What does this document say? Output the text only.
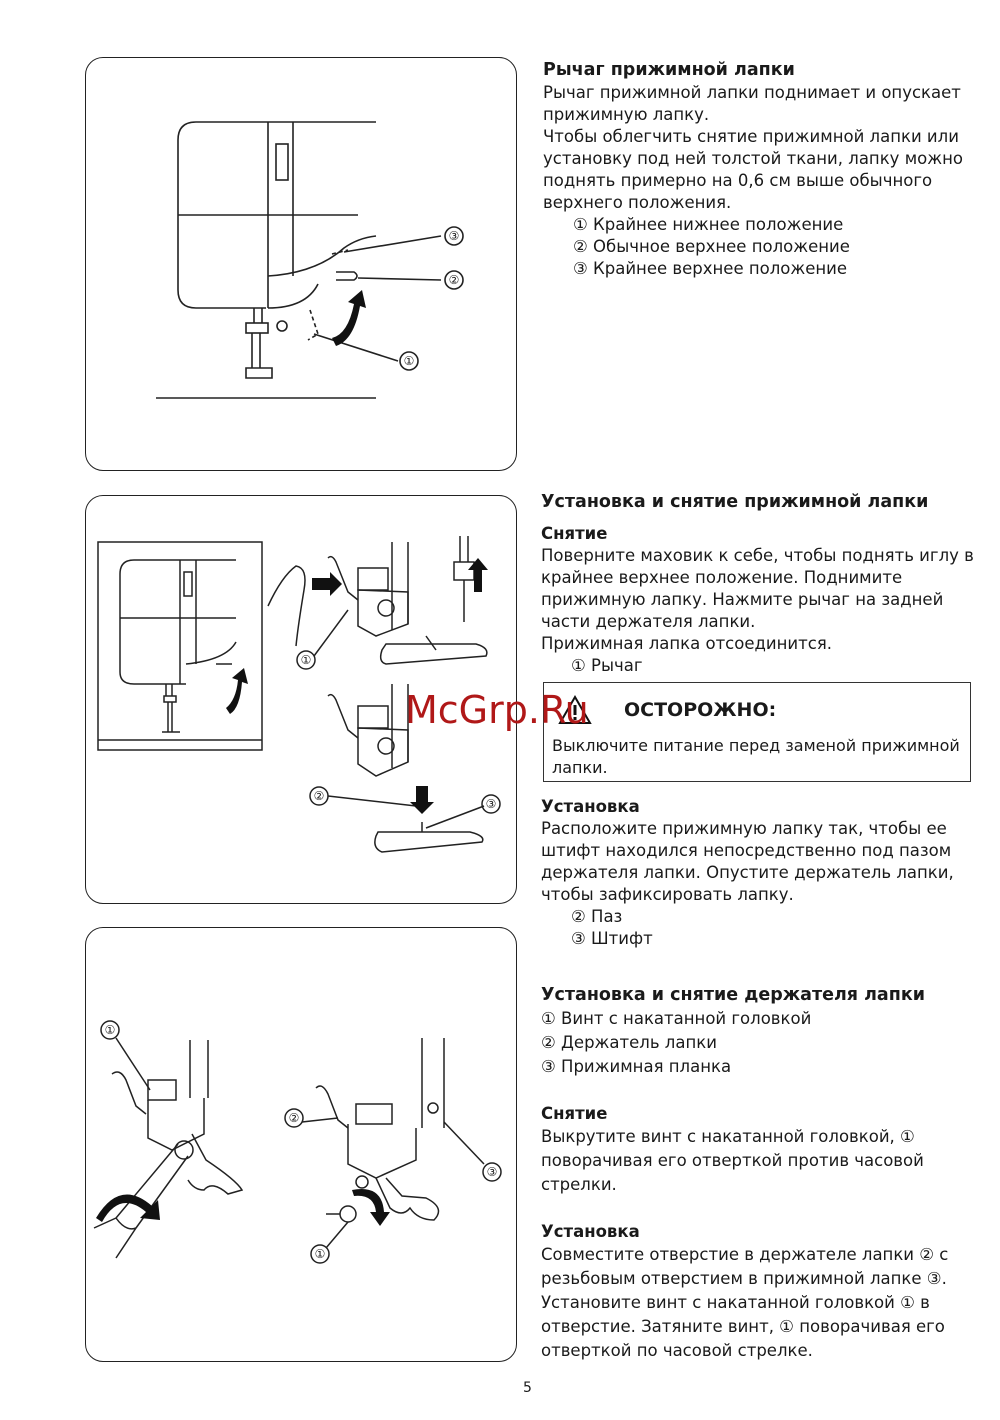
③
②
①
①
②
③
①
②
③
①

Рычаг прижимной лапки

Рычаг прижимной лапки поднимает и опускает прижимную лапку.

Чтобы облегчить снятие прижимной лапки или установку под ней толстой ткани, лапку можно поднять примерно на 0,6 см выше обычного верхнего положения.

① Крайнее нижнее положение

② Обычное верхнее положение

③ Крайнее верхнее положение

Установка и снятие прижимной лапки

Снятие

Поверните маховик к себе, чтобы поднять иглу в крайнее верхнее положение. Поднимите прижимную лапку. Нажмите рычаг на задней части держателя лапки.

Прижимная лапка отсоединится.

① Рычаг

ОСТОРОЖНО:
Выключите питание перед заменой прижимной лапки.
McGrp.Ru

Установка

Расположите прижимную лапку так, чтобы ее штифт находился непосредственно под пазом держателя лапки. Опустите держатель лапки, чтобы зафиксировать лапку.

② Паз

③ Штифт

Установка и снятие держателя лапки

① Винт с накатанной головкой

② Держатель лапки

③ Прижимная планка

Снятие

Выкрутите винт с накатанной головкой, ① поворачивая его отверткой против часовой стрелки.

Установка

Совместите отверстие в держателе лапки ② с резьбовым отверстием в прижимной лапке ③. Установите винт с накатанной головкой ① в отверстие. Затяните винт, ① поворачивая его отверткой по часовой стрелке.

5
